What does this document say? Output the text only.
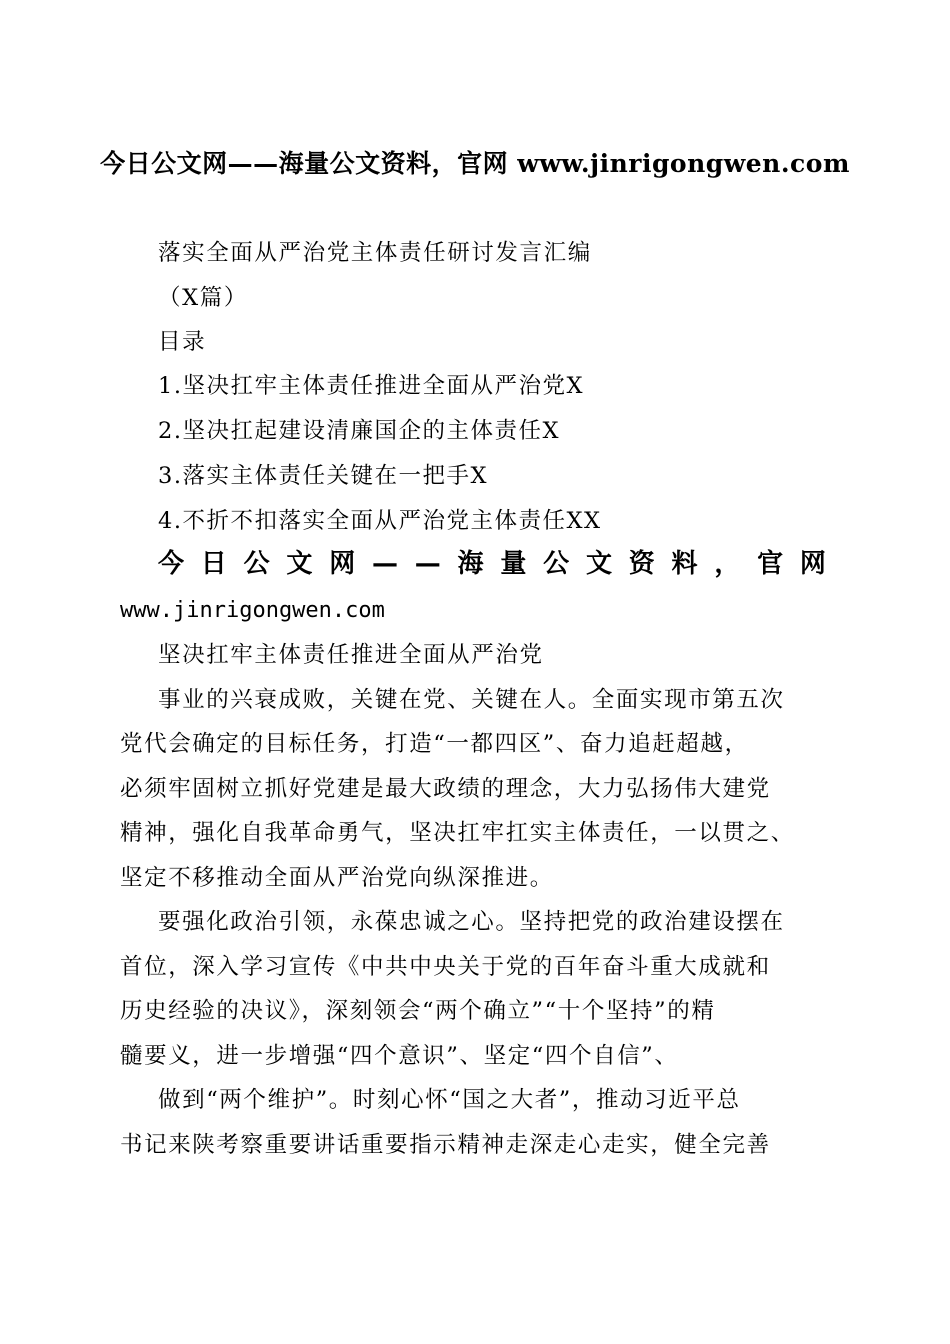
今日公文网——海量公文资料，官网 www.jinrigongwen.com
落实全面从严治党主体责任研讨发言汇编
（X篇）
目录
1.坚决扛牢主体责任推进全面从严治党X
2.坚决扛起建设清廉国企的主体责任X
3.落实主体责任关键在一把手X
4.不折不扣落实全面从严治党主体责任XX
今 日 公 文 网 — — 海 量 公 文 资 料 ， 官 网
www.jinrigongwen.com
坚决扛牢主体责任推进全面从严治党
事业的兴衰成败，关键在党、关键在人。全面实现市第五次
党代会确定的目标任务，打造“一都四区”、奋力追赶超越，
必须牢固树立抓好党建是最大政绩的理念，大力弘扬伟大建党
精神，强化自我革命勇气，坚决扛牢扛实主体责任，一以贯之、
坚定不移推动全面从严治党向纵深推进。
要强化政治引领，永葆忠诚之心。坚持把党的政治建设摆在
首位，深入学习宣传《中共中央关于党的百年奋斗重大成就和
历史经验的决议》，深刻领会“两个确立”“十个坚持”的精
髓要义，进一步增强“四个意识”、坚定“四个自信”、
做到“两个维护”。时刻心怀“国之大者”，推动习近平总
书记来陕考察重要讲话重要指示精神走深走心走实，健全完善
